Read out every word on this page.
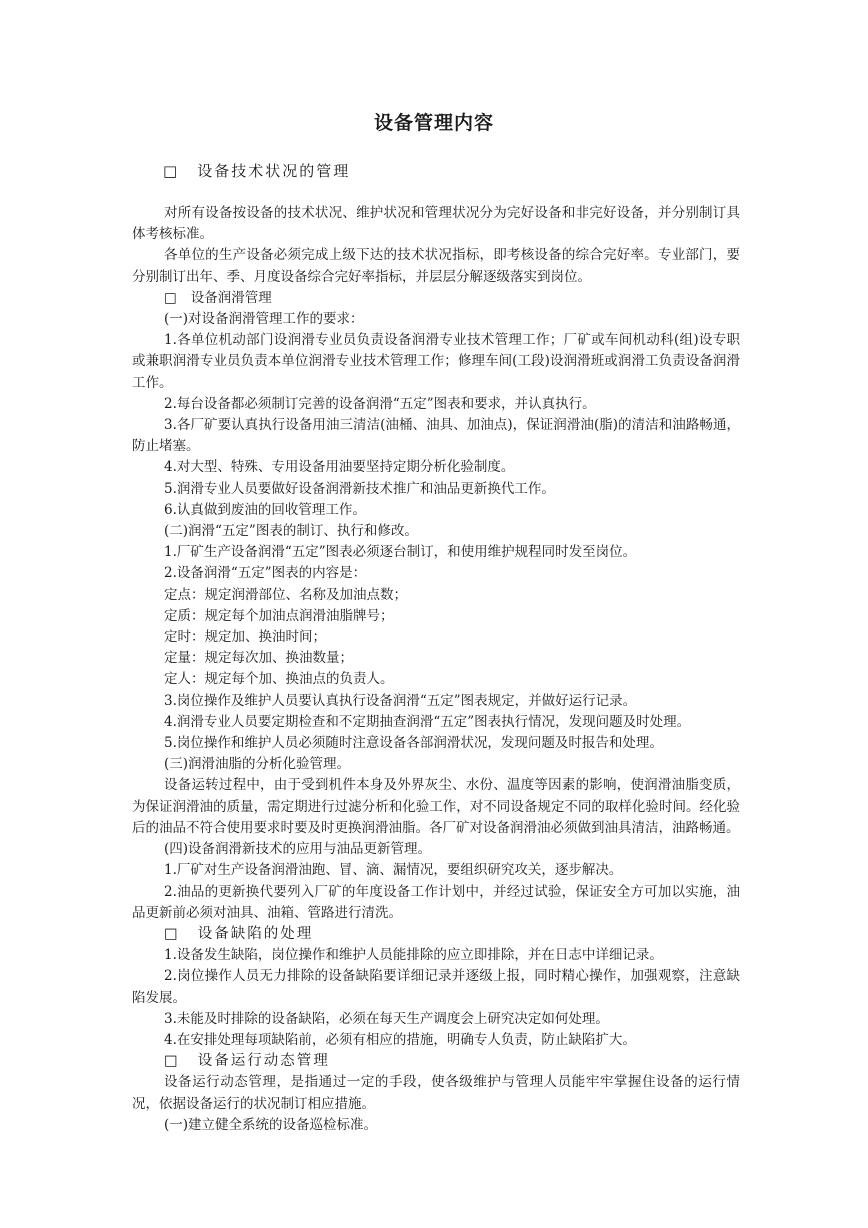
设备管理内容
□ 设备技术状况的管理

对所有设备按设备的技术状况、维护状况和管理状况分为完好设备和非完好设备，并分别制订具体考核标准。

各单位的生产设备必须完成上级下达的技术状况指标，即考核设备的综合完好率。专业部门，要分别制订出年、季、月度设备综合完好率指标，并层层分解逐级落实到岗位。

□ 设备润滑管理

(一)对设备润滑管理工作的要求：

1.各单位机动部门设润滑专业员负责设备润滑专业技术管理工作；厂矿或车间机动科(组)设专职或兼职润滑专业员负责本单位润滑专业技术管理工作；修理车间(工段)设润滑班或润滑工负责设备润滑工作。

2.每台设备都必须制订完善的设备润滑“五定”图表和要求，并认真执行。

3.各厂矿要认真执行设备用油三清洁(油桶、油具、加油点)，保证润滑油(脂)的清洁和油路畅通，防止堵塞。

4.对大型、特殊、专用设备用油要坚持定期分析化验制度。

5.润滑专业人员要做好设备润滑新技术推广和油品更新换代工作。

6.认真做到废油的回收管理工作。

(二)润滑“五定”图表的制订、执行和修改。

1.厂矿生产设备润滑“五定”图表必须逐台制订，和使用维护规程同时发至岗位。

2.设备润滑“五定”图表的内容是：

定点：规定润滑部位、名称及加油点数；

定质：规定每个加油点润滑油脂牌号；

定时：规定加、换油时间；

定量：规定每次加、换油数量；

定人：规定每个加、换油点的负责人。

3.岗位操作及维护人员要认真执行设备润滑“五定”图表规定，并做好运行记录。

4.润滑专业人员要定期检查和不定期抽查润滑“五定”图表执行情况，发现问题及时处理。

5.岗位操作和维护人员必须随时注意设备各部润滑状况，发现问题及时报告和处理。

(三)润滑油脂的分析化验管理。

设备运转过程中，由于受到机件本身及外界灰尘、水份、温度等因素的影响，使润滑油脂变质，为保证润滑油的质量，需定期进行过滤分析和化验工作，对不同设备规定不同的取样化验时间。经化验后的油品不符合使用要求时要及时更换润滑油脂。各厂矿对设备润滑油必须做到油具清洁，油路畅通。

(四)设备润滑新技术的应用与油品更新管理。

1.厂矿对生产设备润滑油跑、冒、滴、漏情况，要组织研究攻关，逐步解决。

2.油品的更新换代要列入厂矿的年度设备工作计划中，并经过试验，保证安全方可加以实施，油品更新前必须对油具、油箱、管路进行清洗。

□ 设备缺陷的处理

1.设备发生缺陷，岗位操作和维护人员能排除的应立即排除，并在日志中详细记录。

2.岗位操作人员无力排除的设备缺陷要详细记录并逐级上报，同时精心操作，加强观察，注意缺陷发展。

3.未能及时排除的设备缺陷，必须在每天生产调度会上研究决定如何处理。

4.在安排处理每项缺陷前，必须有相应的措施，明确专人负责，防止缺陷扩大。

□ 设备运行动态管理

设备运行动态管理，是指通过一定的手段，使各级维护与管理人员能牢牢掌握住设备的运行情况，依据设备运行的状况制订相应措施。

(一)建立健全系统的设备巡检标准。
